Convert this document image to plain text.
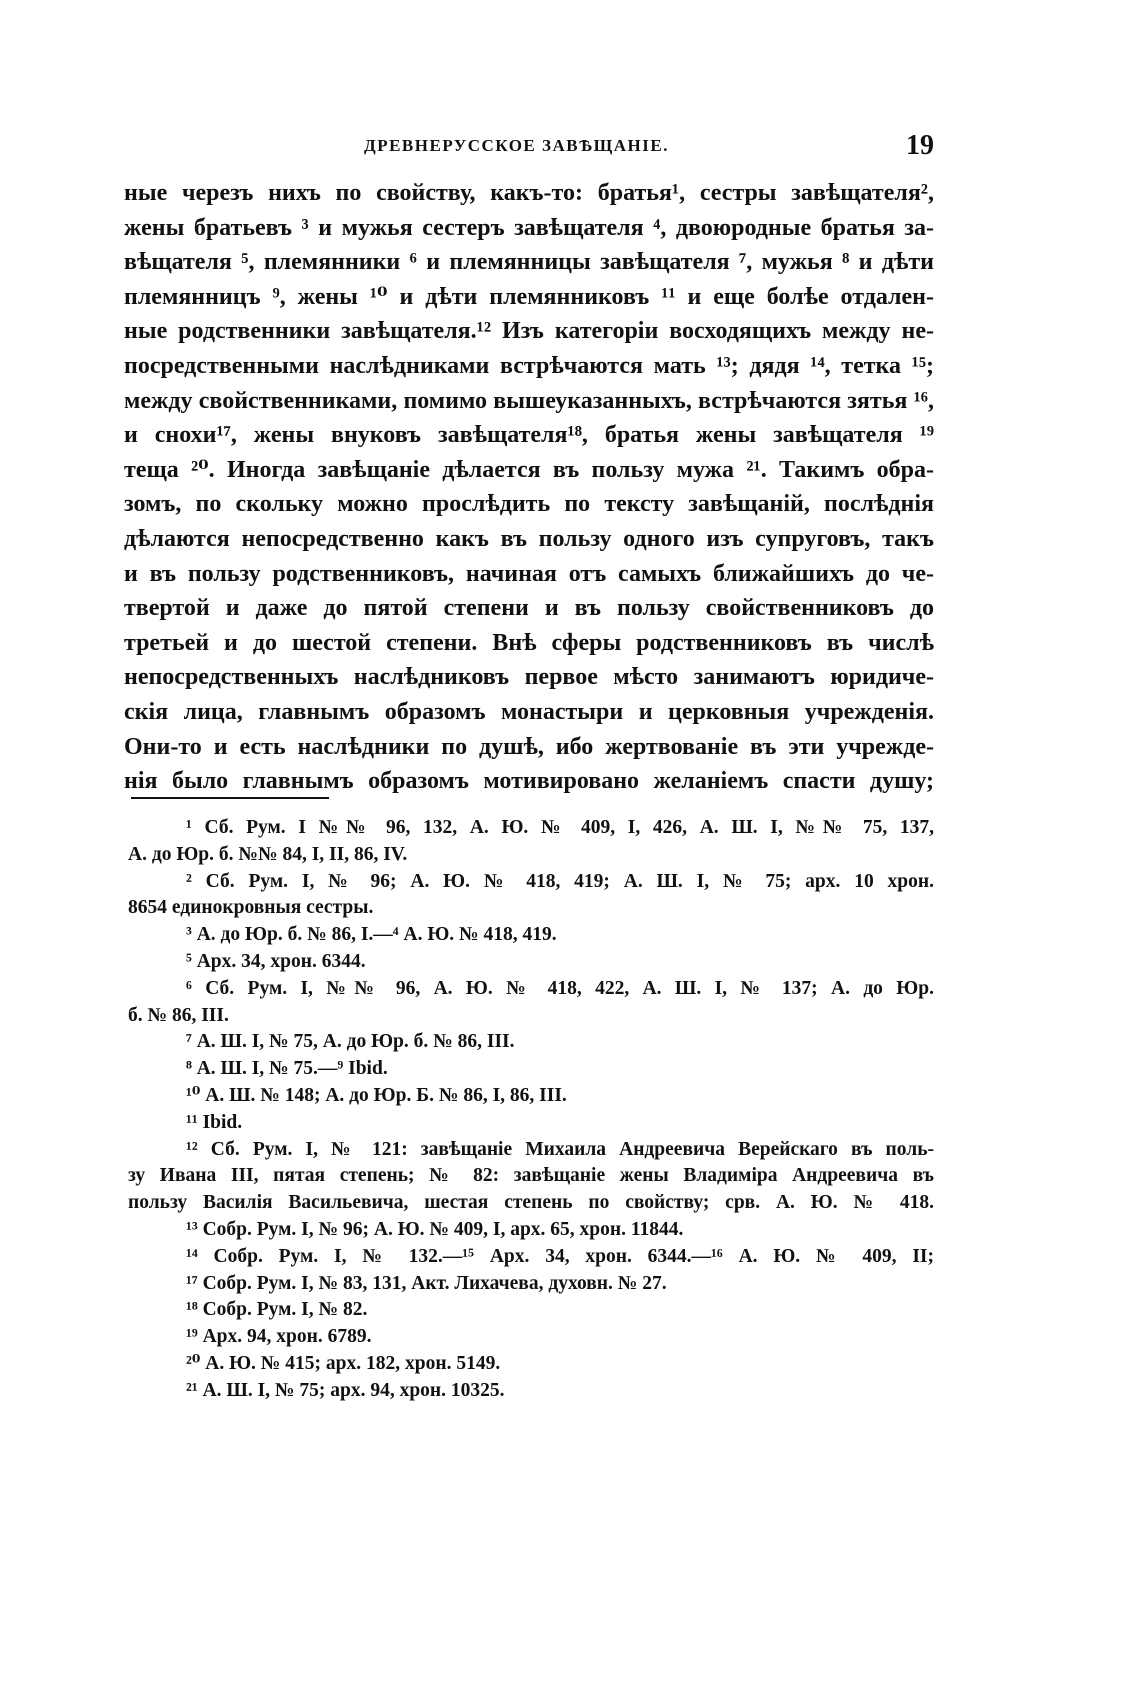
ДРЕВНЕРУССКОЕ ЗАВѢЩАНІЕ.	19
ные черезъ нихъ по свойству, какъ-то: братья¹, сестры завѣщателя²,
жены братьевъ ³ и мужья сестеръ завѣщателя ⁴, двоюродные братья за-
вѣщателя ⁵, племянники ⁶ и племянницы завѣщателя ⁷, мужья ⁸ и дѣти
племянницъ ⁹, жены ¹⁰ и дѣти племянниковъ ¹¹ и еще болѣе отдален-
ные родственники завѣщателя.¹² Изъ категоріи восходящихъ между не-
посредственными наслѣдниками встрѣчаются мать ¹³; дядя ¹⁴, тетка ¹⁵;
между свойственниками, помимо вышеуказанныхъ, встрѣчаются зятья ¹⁶,
и снохи¹⁷, жены внуковъ завѣщателя¹⁸, братья жены завѣщателя ¹⁹
теща ²⁰. Иногда завѣщаніе дѣлается въ пользу мужа ²¹. Такимъ обра-
зомъ, по скольку можно прослѣдить по тексту завѣщаній, послѣднія
дѣлаются непосредственно какъ въ пользу одного изъ супруговъ, такъ
и въ пользу родственниковъ, начиная отъ самыхъ ближайшихъ до че-
твертой и даже до пятой степени и въ пользу свойственниковъ до
третьей и до шестой степени. Внѣ сферы родственниковъ въ числѣ
непосредственныхъ наслѣдниковъ первое мѣсто занимаютъ юридиче-
скія лица, главнымъ образомъ монастыри и церковныя учрежденія.
Они-то и есть наслѣдники по душѣ, ибо жертвованіе въ эти учрежде-
нія было главнымъ образомъ мотивировано желаніемъ спасти душу;
¹ Сб. Рум. I №№ 96, 132, А. Ю. № 409, I, 426, А. Ш. I, №№ 75, 137,
А. до Юр. б. №№ 84, I, II, 86, IV.
² Сб. Рум. I, № 96; А. Ю. № 418, 419; А. Ш. I, № 75; арх. 10 хрон.
8654 единокровныя сестры.
³ А. до Юр. б. № 86, I.—⁴ А. Ю. № 418, 419.
⁵ Арх. 34, хрон. 6344.
⁶ Сб. Рум. I, №№ 96, А. Ю. № 418, 422, А. Ш. I, № 137; А. до Юр.
б. № 86, III.
⁷ А. Ш. I, № 75, А. до Юр. б. № 86, III.
⁸ А. Ш. I, № 75.—⁹ Ibid.
¹⁰ А. Ш. № 148; А. до Юр. Б. № 86, I, 86, III.
¹¹ Ibid.
¹² Сб. Рум. I, № 121: завѣщаніе Михаила Андреевича Верейскаго въ поль-
зу Ивана III, пятая степень; № 82: завѣщаніе жены Владиміра Андреевича въ
пользу Василія Васильевича, шестая степень по свойству; срв. А. Ю. № 418.
¹³ Собр. Рум. I, № 96; А. Ю. № 409, I, арх. 65, хрон. 11844.
¹⁴ Собр. Рум. I, № 132.—¹⁵ Арх. 34, хрон. 6344.—¹⁶ А. Ю. № 409, II;
¹⁷ Собр. Рум. I, № 83, 131, Акт. Лихачева, духовн. № 27.
¹⁸ Собр. Рум. I, № 82.
¹⁹ Арх. 94, хрон. 6789.
²⁰ А. Ю. № 415; арх. 182, хрон. 5149.
²¹ А. Ш. I, № 75; арх. 94, хрон. 10325.
